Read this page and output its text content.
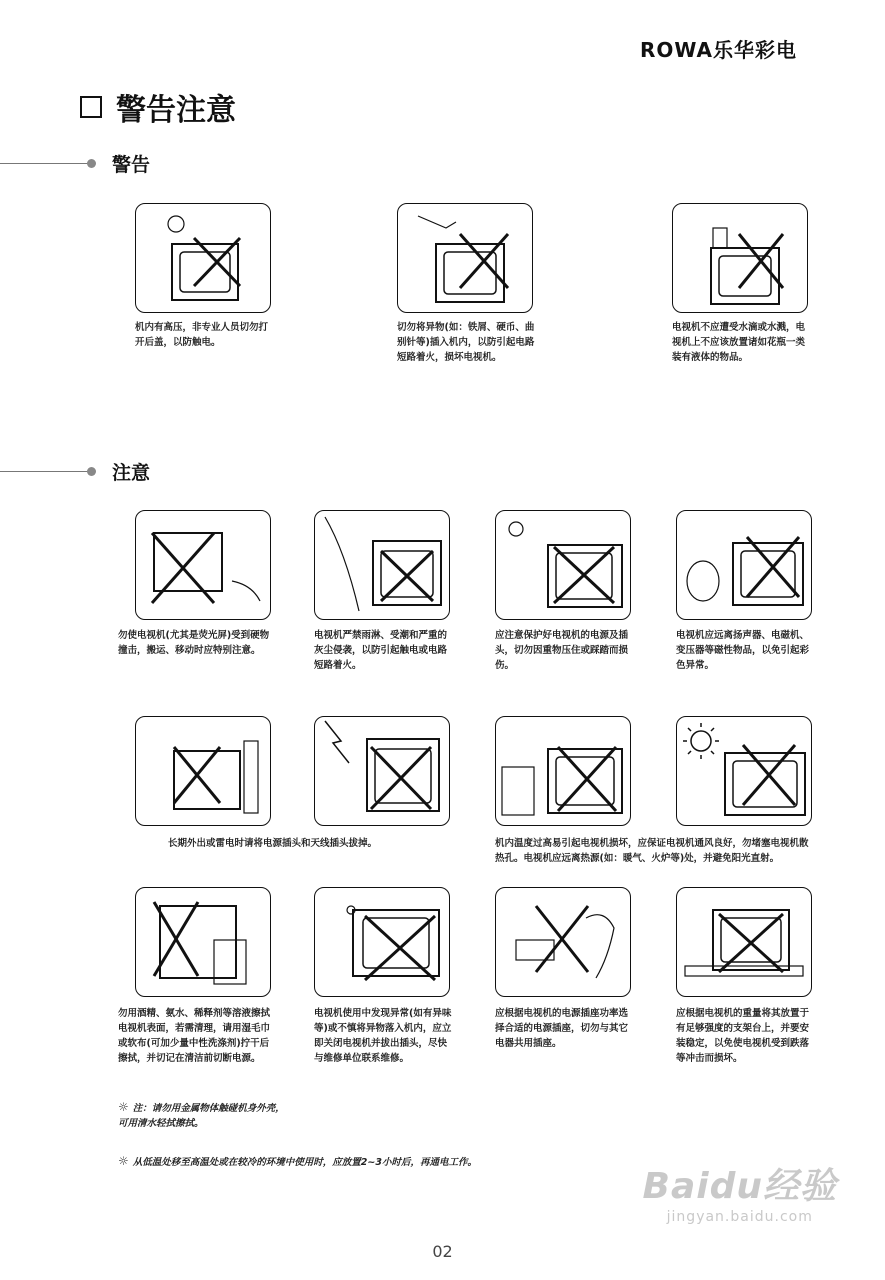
ROWA乐华彩电
警告注意
警告
注意
机内有高压，非专业人员切勿打开后盖，以防触电。
切勿将异物(如：铁屑、硬币、曲别针等)插入机内，以防引起电路短路着火，损坏电视机。
电视机不应遭受水滴或水溅，电视机上不应该放置诸如花瓶一类装有液体的物品。
勿使电视机(尤其是荧光屏)受到硬物撞击，搬运、移动时应特别注意。
电视机严禁雨淋、受潮和严重的灰尘侵袭，以防引起触电或电路短路着火。
应注意保护好电视机的电源及插头，切勿因重物压住或踩踏而损伤。
电视机应远离扬声器、电磁机、变压器等磁性物品，以免引起彩色异常。
长期外出或雷电时请将电源插头和天线插头拔掉。	机内温度过高易引起电视机损坏，应保证电视机通风良好，勿堵塞电视机散热孔。电视机应远离热源(如：暖气、火炉等)处，并避免阳光直射。
勿用酒精、氨水、稀释剂等溶液擦拭电视机表面，若需清理，请用湿毛巾或软布(可加少量中性洗涤剂)拧干后擦拭，并切记在清洁前切断电源。
电视机使用中发现异常(如有异味等)或不慎将异物落入机内，应立即关闭电视机并拔出插头，尽快与维修单位联系维修。
应根据电视机的电源插座功率选择合适的电源插座，切勿与其它电器共用插座。
应根据电视机的重量将其放置于有足够强度的支架台上，并要安装稳定，以免使电视机受到跌落等冲击而损坏。
☼ 注：请勿用金属物体触碰机身外壳，可用清水轻拭擦拭。
☼ 从低温处移至高温处或在较冷的环境中使用时，应放置2~3小时后，再通电工作。
Baidu经验
jingyan.baidu.com
02
